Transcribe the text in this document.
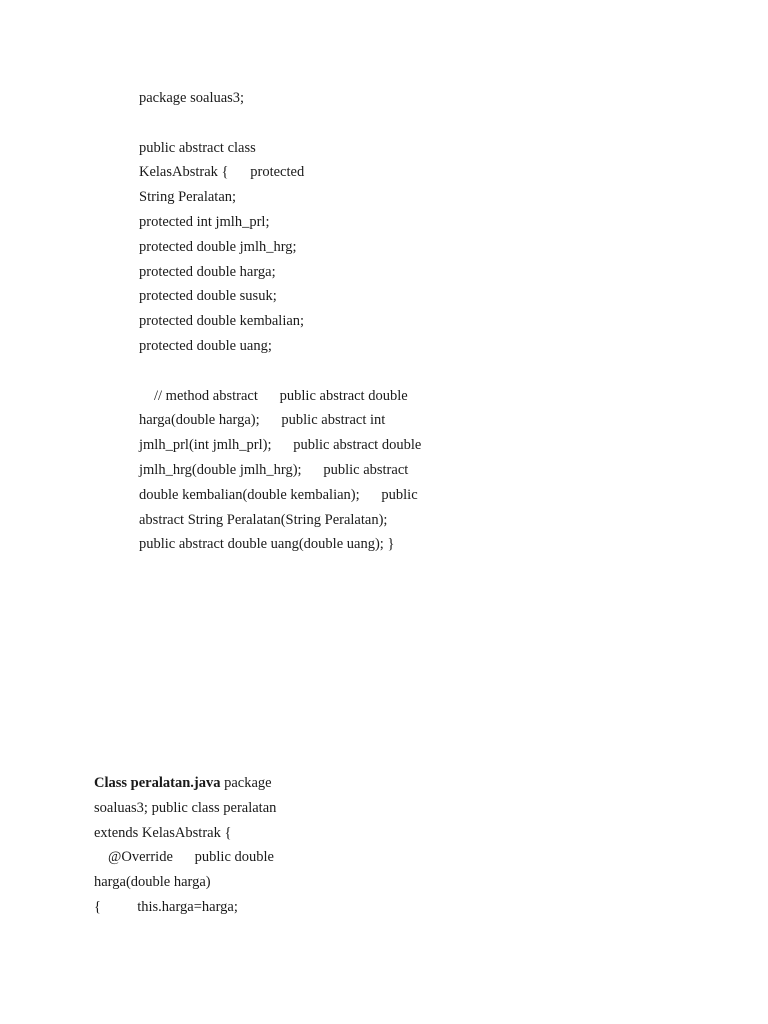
package soaluas3;
public abstract class
KelasAbstrak {      protected
String Peralatan;
protected int jmlh_prl;
protected double jmlh_hrg;
protected double harga;
protected double susuk;
protected double kembalian;
protected double uang;
// method abstract      public abstract double
harga(double harga);      public abstract int
jmlh_prl(int jmlh_prl);      public abstract double
jmlh_hrg(double jmlh_hrg);      public abstract
double kembalian(double kembalian);      public
abstract String Peralatan(String Peralatan);
public abstract double uang(double uang); }
Class peralatan.java package
soaluas3; public class peralatan
extends KelasAbstrak {
@Override      public double
harga(double harga)
{          this.harga=harga;
